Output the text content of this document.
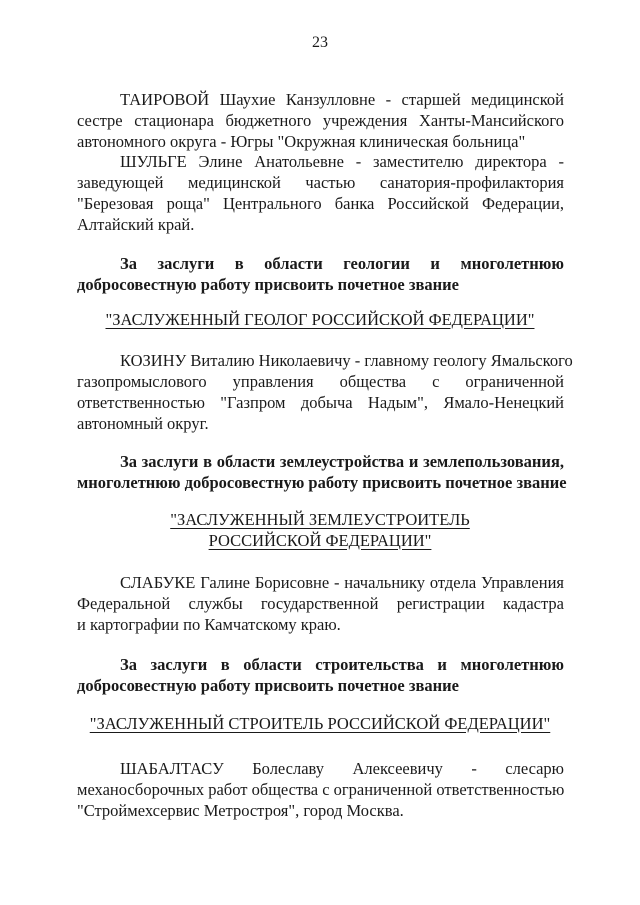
23
ТАИРОВОЙ Шаухие Канзулловне - старшей медицинской
сестре стационара бюджетного учреждения Ханты-Мансийского
автономного округа - Югры "Окружная клиническая больница"
ШУЛЬГЕ Элине Анатольевне - заместителю директора -
заведующей медицинской частью санатория-профилактория
"Березовая роща" Центрального банка Российской Федерации,
Алтайский край.
За заслуги в области геологии и многолетнюю
добросовестную работу присвоить почетное звание
"ЗАСЛУЖЕННЫЙ ГЕОЛОГ РОССИЙСКОЙ ФЕДЕРАЦИИ"
КОЗИНУ Виталию Николаевичу - главному геологу Ямальского
газопромыслового управления общества с ограниченной
ответственностью "Газпром добыча Надым", Ямало-Ненецкий
автономный округ.
За заслуги в области землеустройства и землепользования,
многолетнюю добросовестную работу присвоить почетное звание
"ЗАСЛУЖЕННЫЙ ЗЕМЛЕУСТРОИТЕЛЬ
РОССИЙСКОЙ ФЕДЕРАЦИИ"
СЛАБУКЕ Галине Борисовне - начальнику отдела Управления
Федеральной службы государственной регистрации кадастра
и картографии по Камчатскому краю.
За заслуги в области строительства и многолетнюю
добросовестную работу присвоить почетное звание
"ЗАСЛУЖЕННЫЙ СТРОИТЕЛЬ РОССИЙСКОЙ ФЕДЕРАЦИИ"
ШАБАЛТАСУ Болеславу Алексеевичу - слесарю
механосборочных работ общества с ограниченной ответственностью
"Строймехсервис Метростроя", город Москва.
